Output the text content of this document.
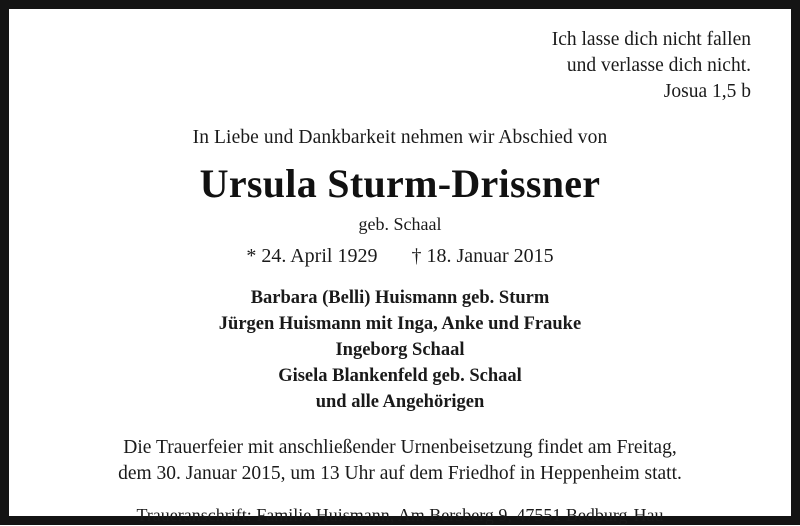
Ich lasse dich nicht fallen
und verlasse dich nicht.
Josua 1,5 b
In Liebe und Dankbarkeit nehmen wir Abschied von
Ursula Sturm-Drissner
geb. Schaal
* 24. April 1929 † 18. Januar 2015
Barbara (Belli) Huismann geb. Sturm
Jürgen Huismann mit Inga, Anke und Frauke
Ingeborg Schaal
Gisela Blankenfeld geb. Schaal
und alle Angehörigen
Die Trauerfeier mit anschließender Urnenbeisetzung findet am Freitag,
dem 30. Januar 2015, um 13 Uhr auf dem Friedhof in Heppenheim statt.
Traueranschrift: Familie Huismann, Am Bersberg 9, 47551 Bedburg-Hau
